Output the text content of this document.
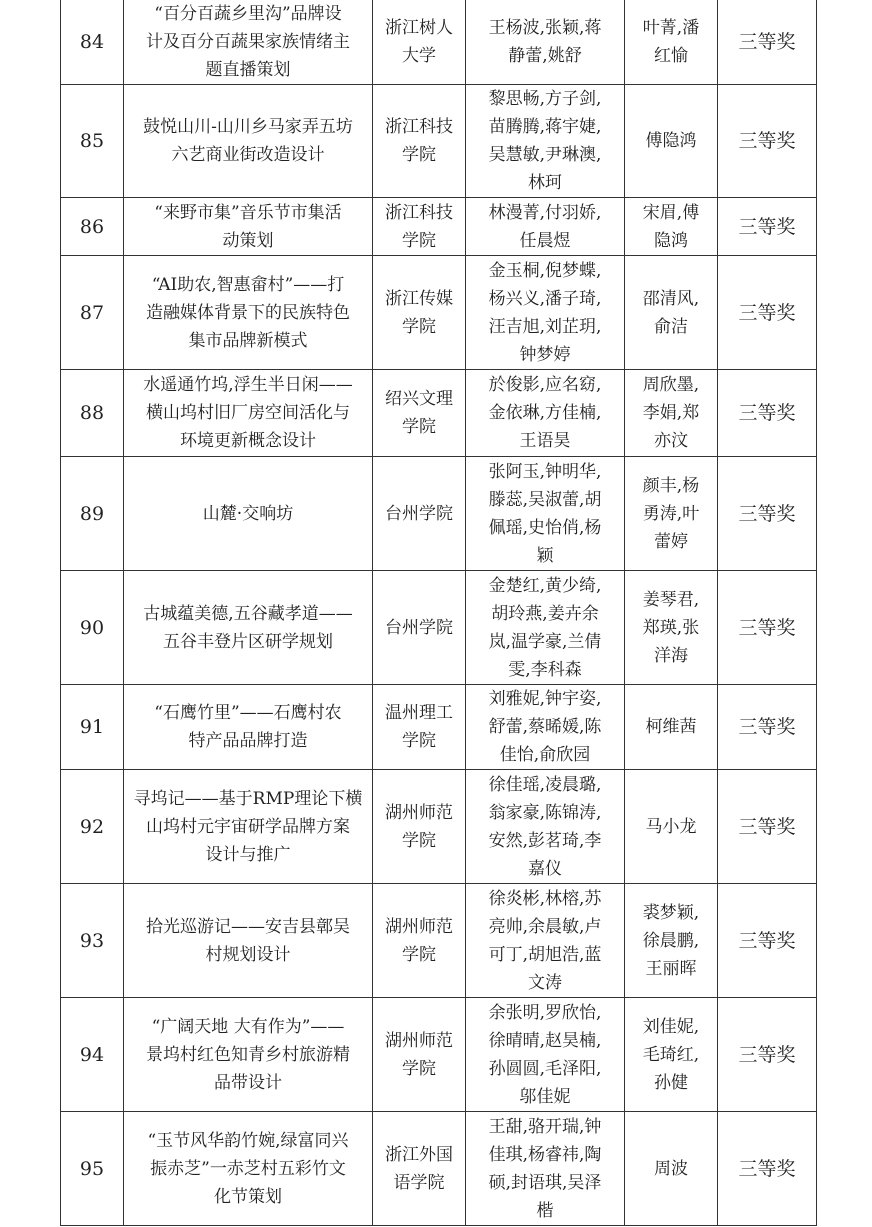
84	
“百分百蔬乡里沟”品牌设
计及百分百蔬果家族情绪主
题直播策划

浙江树人
大学

王杨波,张颖,蒋
静蕾,姚舒

叶菁,潘
红愉
	三等奖
85	
鼓悦山川-山川乡马家弄五坊
六艺商业街改造设计

浙江科技
学院

黎思畅,方子剑,
苗腾腾,蒋宇婕,
吴慧敏,尹琳澳,
林珂

傅隐鸿	三等奖
86	
“来野市集”音乐节市集活
动策划

浙江科技
学院

林漫菁,付羽娇,
任晨煜

宋眉,傅
隐鸿
	三等奖
87	
“AI助农,智惠畲村”——打
造融媒体背景下的民族特色
集市品牌新模式

浙江传媒
学院

金玉桐,倪梦蝶,
杨兴义,潘子琦,
汪吉旭,刘芷玥,
钟梦婷

邵清风,
俞洁
	三等奖
88	
水遥通竹坞,浮生半日闲——
横山坞村旧厂房空间活化与
环境更新概念设计

绍兴文理
学院

於俊影,应名窈,
金依琳,方佳楠,
王语昊

周欣墨,
李娟,郑
亦汶
	三等奖
89	山麓·交响坊	台州学院

张阿玉,钟明华,
滕蕊,吴淑蕾,胡
佩瑶,史怡俏,杨
颖

颜丰,杨
勇涛,叶
蕾婷
	三等奖
90	
古城蕴美德,五谷藏孝道——
五谷丰登片区研学规划

台州学院

金楚红,黄少绮,
胡玲燕,姜卉余
岚,温学豪,兰倩
雯,李科森

姜琴君,
郑瑛,张
洋海
	三等奖
91	
“石鹰竹里”——石鹰村农
特产品品牌打造

温州理工
学院

刘雅妮,钟宇姿,
舒蕾,蔡晞媛,陈
佳怡,俞欣园

柯维茜	三等奖
92	
寻坞记——基于RMP理论下横
山坞村元宇宙研学品牌方案
设计与推广

湖州师范
学院

徐佳瑶,凌晨璐,
翁家豪,陈锦涛,
安然,彭茗琦,李
嘉仪

马小龙	三等奖
93	
拾光巡游记——安吉县鄣吴
村规划设计

湖州师范
学院

徐炎彬,林榕,苏
亮帅,余晨敏,卢
可丁,胡旭浩,蓝
文涛

裘梦颖,
徐晨鹏,
王丽晖
	三等奖
94	
“广阔天地 大有作为”——
景坞村红色知青乡村旅游精
品带设计

湖州师范
学院

余张明,罗欣怡,
徐晴晴,赵昊楠,
孙圆圆,毛泽阳,
邬佳妮

刘佳妮,
毛琦红,
孙健
	三等奖
95	
“玉节风华韵竹婉,绿富同兴
振赤芝”一赤芝村五彩竹文
化节策划

浙江外国
语学院

王甜,骆开瑞,钟
佳琪,杨睿祎,陶
硕,封语琪,吴泽
楷

周波	三等奖
